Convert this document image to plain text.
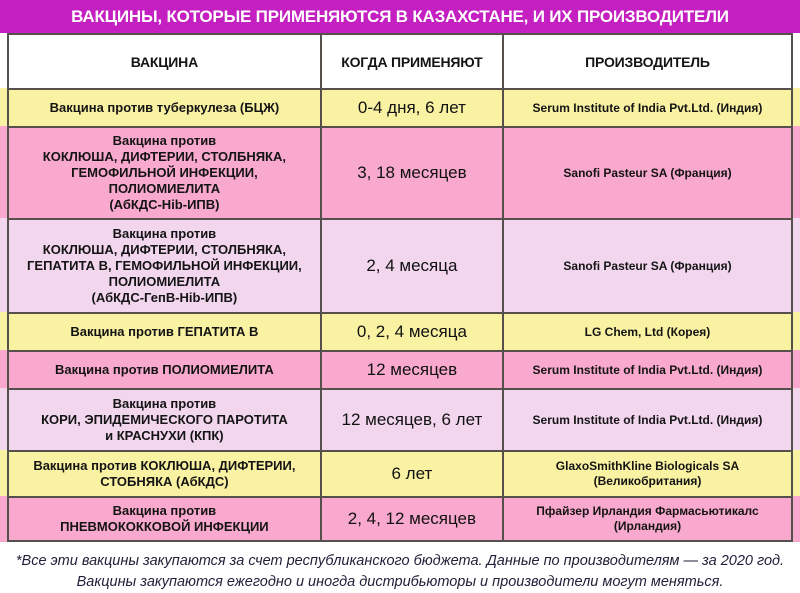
ВАКЦИНЫ, КОТОРЫЕ ПРИМЕНЯЮТСЯ В КАЗАХСТАНЕ, И ИХ ПРОИЗВОДИТЕЛИ
ВАКЦИНА	КОГДА ПРИМЕНЯЮТ	ПРОИЗВОДИТЕЛЬ
Вакцина против туберкулеза (БЦЖ)	0-4 дня, 6 лет	Serum Institute of India Pvt.Ltd. (Индия)
Вакцина против
КОКЛЮША, ДИФТЕРИИ, СТОЛБНЯКА,
ГЕМОФИЛЬНОЙ ИНФЕКЦИИ, ПОЛИОМИЕЛИТА
(АбКДС-Hib-ИПВ)
3, 18 месяцев	Sanofi Pasteur SA (Франция)
Вакцина против
КОКЛЮША, ДИФТЕРИИ, СТОЛБНЯКА,
ГЕПАТИТА В, ГЕМОФИЛЬНОЙ ИНФЕКЦИИ,
ПОЛИОМИЕЛИТА
(АбКДС-ГепВ-Hib-ИПВ)
2, 4 месяца	Sanofi Pasteur SA (Франция)
Вакцина против ГЕПАТИТА В	0, 2, 4 месяца	LG Chem, Ltd (Корея)
Вакцина против ПОЛИОМИЕЛИТА	12 месяцев	Serum Institute of India Pvt.Ltd. (Индия)
Вакцина против
КОРИ, ЭПИДЕМИЧЕСКОГО ПАРОТИТА
и КРАСНУХИ (КПК)
12 месяцев, 6 лет	Serum Institute of India Pvt.Ltd. (Индия)
Вакцина против КОКЛЮША, ДИФТЕРИИ,
СТОБНЯКА (АбКДС)	6 лет	GlaxoSmithKline Biologicals SA
(Великобритания)
Вакцина против
ПНЕВМОКОККОВОЙ ИНФЕКЦИИ	2, 4, 12 месяцев	Пфайзер Ирландия Фармасьютикалс
(Ирландия)
*Все эти вакцины закупаются за счет республиканского бюджета. Данные по производителям — за 2020 год.
Вакцины закупаются ежегодно и иногда дистрибьюторы и производители могут меняться.
